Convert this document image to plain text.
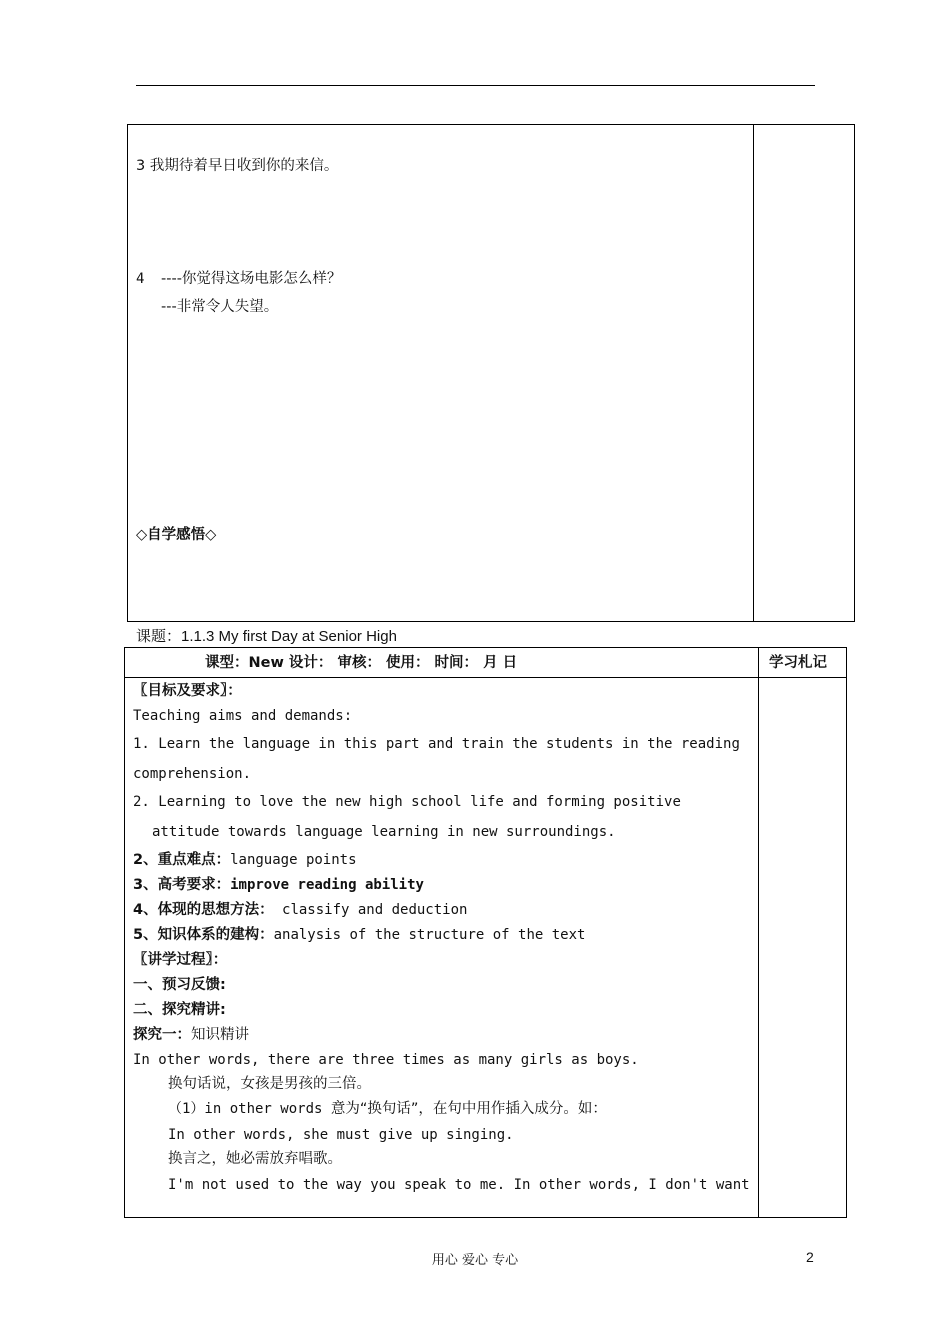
3 我期待着早日收到你的来信。
4 ----你觉得这场电影怎么样？
---非常令人失望。
◇自学感悟◇
课题：1.1.3 My first Day at Senior High
课型：New 设计： 审核： 使用： 时间： 月 日	学习札记
〖目标及要求〗：
Teaching aims and demands:
1. Learn the language in this part and train the students in the reading
comprehension.
2. Learning to love the new high school life and forming positive
attitude towards language learning in new surroundings.
2、重点难点：language points
3、高考要求：improve reading ability
4、体现的思想方法： classify and deduction
5、知识体系的建构：analysis of the structure of the text
〖讲学过程〗：
一、预习反馈:
二、探究精讲:
探究一：知识精讲
In other words, there are three times as many girls as boys.
换句话说，女孩是男孩的三倍。
（1）in other words 意为“换句话”，在句中用作插入成分。如：
In other words, she must give up singing.
换言之，她必需放弃唱歌。
I'm not used to the way you speak to me. In other words, I don't want
用心 爱心 专心	2
